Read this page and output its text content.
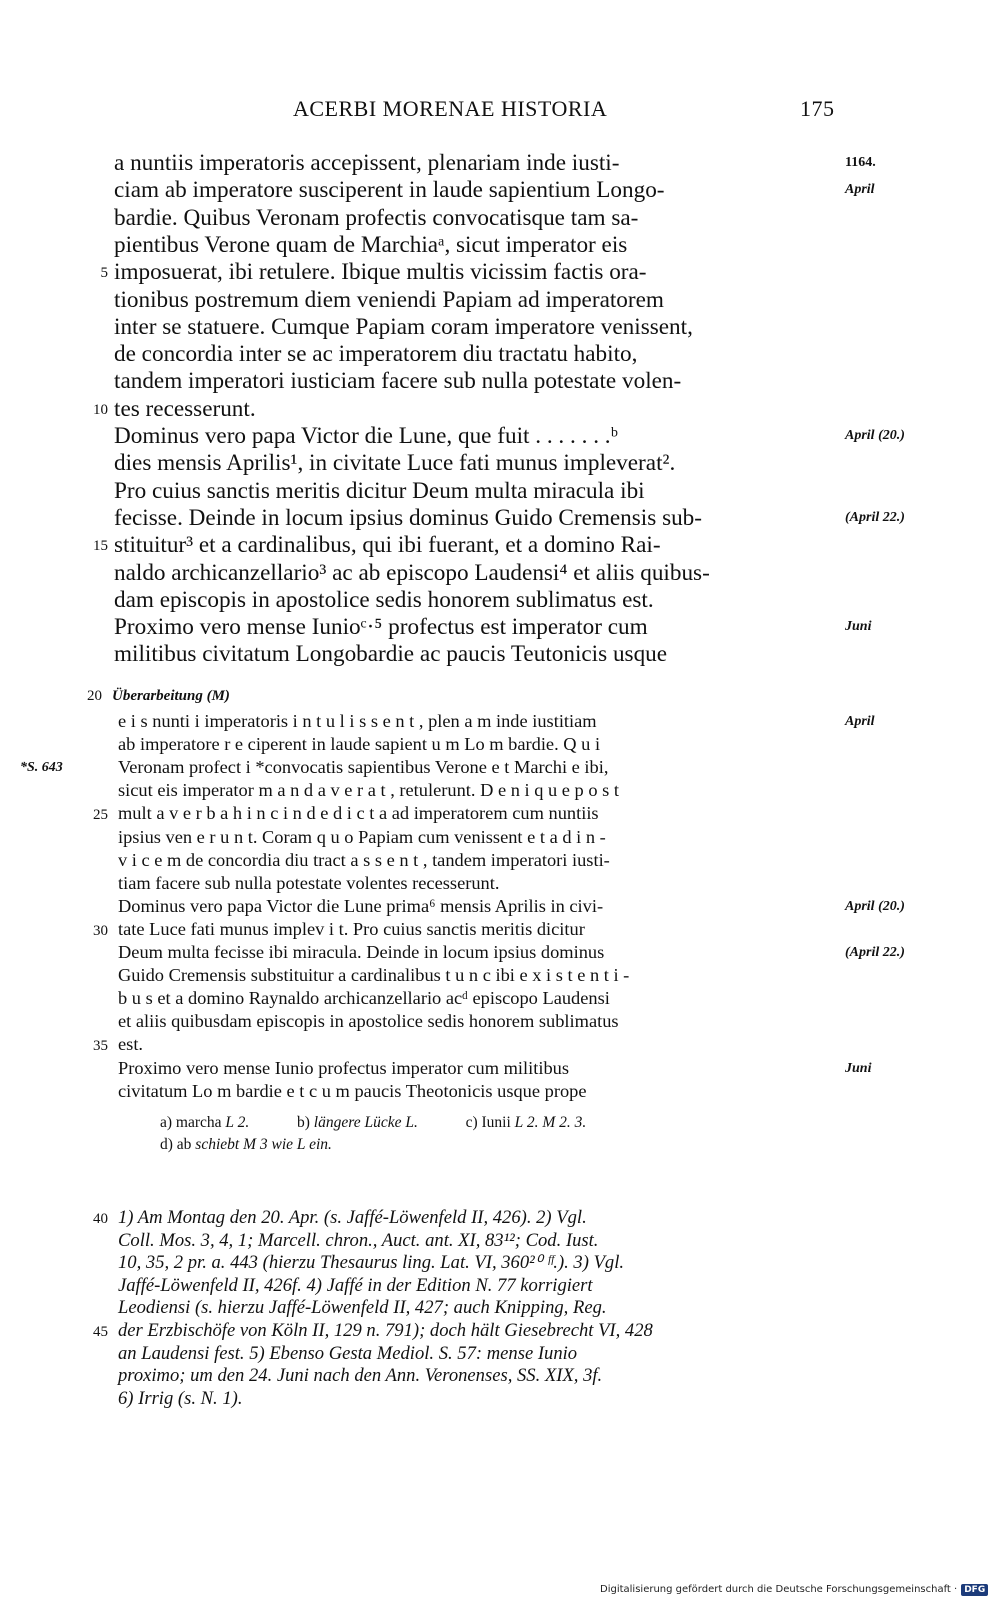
ACERBI MORENAE HISTORIA	175
a nuntiis imperatoris accepissent, plenariam inde iusti-	1164.
ciam ab imperatore susciperent in laude sapientium Longo-	April
bardie. Quibus Veronam profectis convocatisque tam sa-
pientibus Verone quam de Marchiaᵃ, sicut imperator eis
5 imposuerat, ibi retulere. Ibique multis vicissim factis ora-
tionibus postremum diem veniendi Papiam ad imperatorem
inter se statuere. Cumque Papiam coram imperatore venissent,
de concordia inter se ac imperatorem diu tractatu habito,
tandem imperatori iusticiam facere sub nulla potestate volen-
10 tes recesserunt.
Dominus vero papa Victor die Lune, que fuit . . . . . . .ᵇ	April (20.)
dies mensis Aprilis¹, in civitate Luce fati munus impleverat².
Pro cuius sanctis meritis dicitur Deum multa miracula ibi
fecisse. Deinde in locum ipsius dominus Guido Cremensis sub-	(April 22.)
15 stituitur³ et a cardinalibus, qui ibi fuerant, et a domino Rai-
naldo archicanzellario³ ac ab episcopo Laudensi⁴ et aliis quibus-
dam episcopis in apostolice sedis honorem sublimatus est.
Proximo vero mense Iunioᶜ·⁵ profectus est imperator cum	Juni
militibus civitatum Longobardie ac paucis Teutonicis usque
20 Überarbeitung (M)
e i s nunti i imperatoris i n t u l i s s e n t , plen a m inde iustitiam	April
ab imperatore r e ciperent in laude sapient u m Lo m bardie. Q u i
*S. 643	Veronam profect i *convocatis sapientibus Verone e t Marchi e ibi,
sicut eis imperator m a n d a v e r a t , retulerunt. D e n i q u e p o s t
25 mult a v e r b a h i n c i n d e d i c t a ad imperatorem cum nuntiis
ipsius ven e r u n t. Coram q u o Papiam cum venissent e t a d i n -
v i c e m de concordia diu tract a s s e n t , tandem imperatori iusti-
tiam facere sub nulla potestate volentes recesserunt.
Dominus vero papa Victor die Lune prima⁶ mensis Aprilis in civi-	April (20.)
30 tate Luce fati munus implev i t. Pro cuius sanctis meritis dicitur
Deum multa fecisse ibi miracula. Deinde in locum ipsius dominus	(April 22.)
Guido Cremensis substituitur a cardinalibus t u n c ibi e x i s t e n t i -
b u s et a domino Raynaldo archicanzellario acᵈ episcopo Laudensi
et aliis quibusdam episcopis in apostolice sedis honorem sublimatus
35 est.
Proximo vero mense Iunio profectus imperator cum militibus	Juni
civitatum Lo m bardie e t c u m paucis Theotonicis usque prope
a) marcha L 2.	b) längere Lücke L.	c) Iunii L 2. M 2. 3.
d) ab schiebt M 3 wie L ein.
40 1) Am Montag den 20. Apr. (s. Jaffé-Löwenfeld II, 426). 2) Vgl.
Coll. Mos. 3, 4, 1; Marcell. chron., Auct. ant. XI, 83¹²; Cod. Iust.
10, 35, 2 pr. a. 443 (hierzu Thesaurus ling. Lat. VI, 360²⁰ ᶠᶠ.). 3) Vgl.
Jaffé-Löwenfeld II, 426f. 4) Jaffé in der Edition N. 77 korrigiert
Leodiensi (s. hierzu Jaffé-Löwenfeld II, 427; auch Knipping, Reg.
45 der Erzbischöfe von Köln II, 129 n. 791); doch hält Giesebrecht VI, 428
an Laudensi fest. 5) Ebenso Gesta Mediol. S. 57: mense Iunio
proximo; um den 24. Juni nach den Ann. Veronenses, SS. XIX, 3f.
6) Irrig (s. N. 1).
Digitalisierung gefördert durch die Deutsche Forschungsgemeinschaft · DFG
